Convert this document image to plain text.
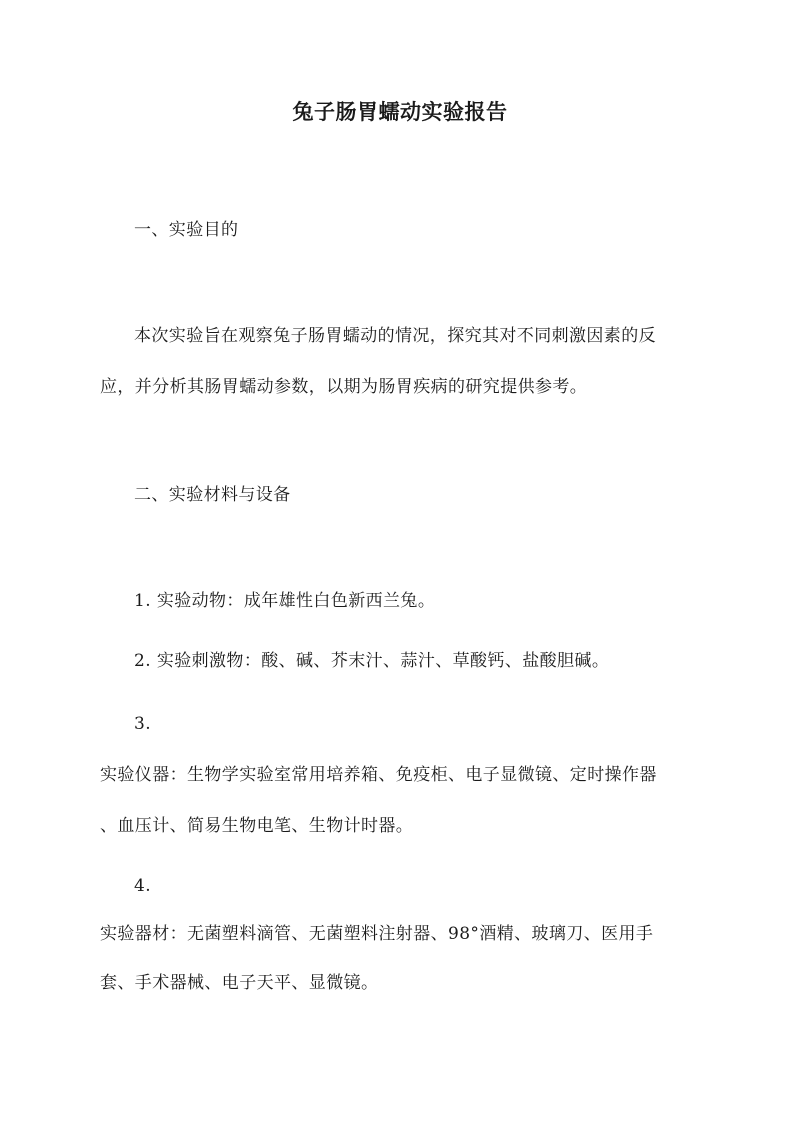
兔子肠胃蠕动实验报告
一、实验目的
本次实验旨在观察兔子肠胃蠕动的情况，探究其对不同刺激因素的反
应，并分析其肠胃蠕动参数，以期为肠胃疾病的研究提供参考。
二、实验材料与设备
1. 实验动物：成年雄性白色新西兰兔。
2. 实验刺激物：酸、碱、芥末汁、蒜汁、草酸钙、盐酸胆碱。
3.
实验仪器：生物学实验室常用培养箱、免疫柜、电子显微镜、定时操作器
、血压计、简易生物电笔、生物计时器。
4.
实验器材：无菌塑料滴管、无菌塑料注射器、98°酒精、玻璃刀、医用手
套、手术器械、电子天平、显微镜。
